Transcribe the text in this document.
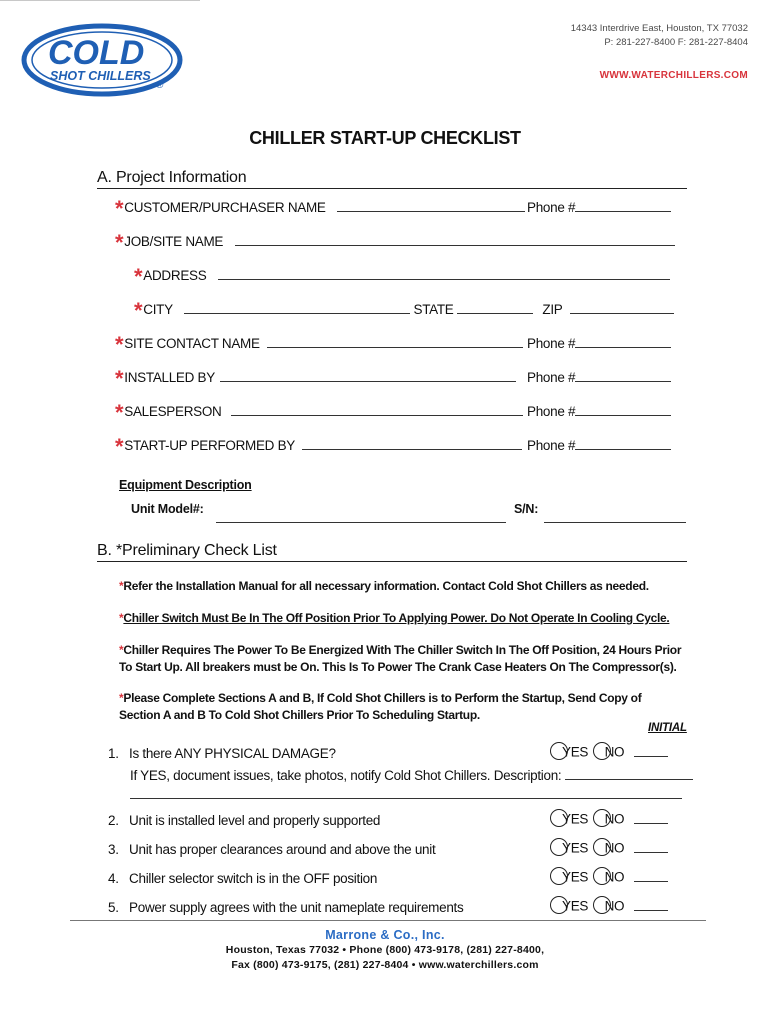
COLD
SHOT CHILLERS
®
14343 Interdrive East, Houston, TX 77032
P: 281-227-8400 F: 281-227-8404
WWW.WATERCHILLERS.COM
CHILLER START-UP CHECKLIST
A. Project Information
*CUSTOMER/PURCHASER NAME	Phone #
*JOB/SITE NAME
*ADDRESS
*CITY	STATE	ZIP
*SITE CONTACT NAME	Phone #
*INSTALLED BY	Phone #
*SALESPERSON	Phone #
*START-UP PERFORMED BY	Phone #
Equipment Description
Unit Model#:	S/N:
B. *Preliminary Check List
*Refer the Installation Manual for all necessary information. Contact Cold Shot Chillers as needed.
*Chiller Switch Must Be In The Off Position Prior To Applying Power. Do Not Operate In Cooling Cycle.
*Chiller Requires The Power To Be Energized With The Chiller Switch In The Off Position, 24 Hours Prior To Start Up. All breakers must be On. This Is To Power The Crank Case Heaters On The Compressor(s).
*Please Complete Sections A and B, If Cold Shot Chillers is to Perform the Startup, Send Copy of Section A and B To Cold Shot Chillers Prior To Scheduling Startup.
INITIAL
1. Is there ANY PHYSICAL DAMAGE?	YES NO
If YES, document issues, take photos, notify Cold Shot Chillers. Description:
2. Unit is installed level and properly supported	YES NO
3. Unit has proper clearances around and above the unit	YES NO
4. Chiller selector switch is in the OFF position	YES NO
5. Power supply agrees with the unit nameplate requirements	YES NO
Marrone & Co., Inc.
Houston, Texas 77032 • Phone (800) 473-9178, (281) 227-8400,
Fax (800) 473-9175, (281) 227-8404 • www.waterchillers.com
